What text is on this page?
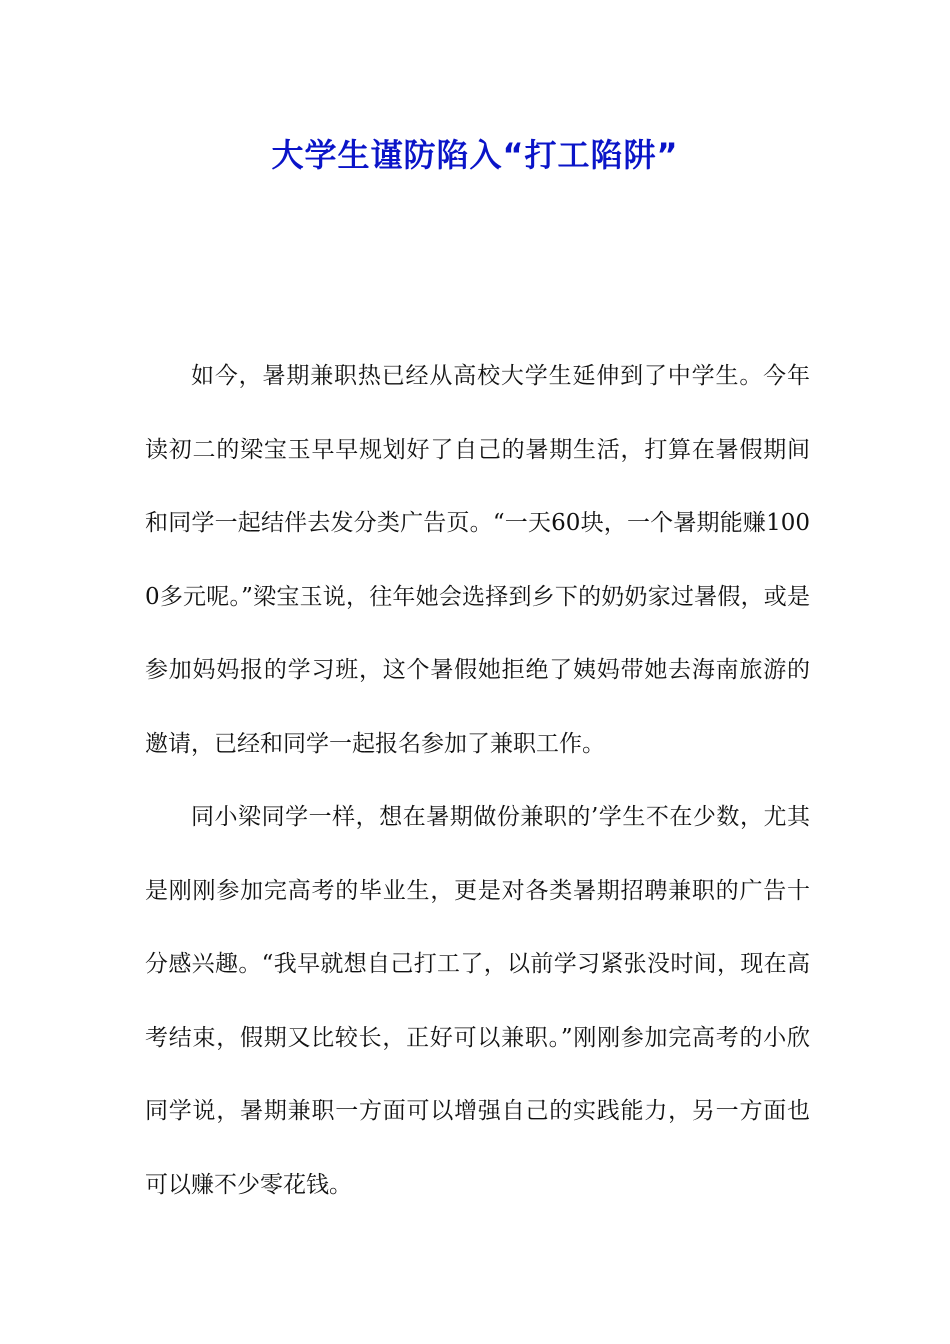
大学生谨防陷入“打工陷阱”

如今，暑期兼职热已经从高校大学生延伸到了中学生。今年读初二的梁宝玉早早规划好了自己的暑期生活，打算在暑假期间和同学一起结伴去发分类广告页。“一天60块，一个暑期能赚1000多元呢。”梁宝玉说，往年她会选择到乡下的奶奶家过暑假，或是参加妈妈报的学习班，这个暑假她拒绝了姨妈带她去海南旅游的邀请，已经和同学一起报名参加了兼职工作。

同小梁同学一样，想在暑期做份兼职的’学生不在少数，尤其是刚刚参加完高考的毕业生，更是对各类暑期招聘兼职的广告十分感兴趣。“我早就想自己打工了，以前学习紧张没时间，现在高考结束，假期又比较长，正好可以兼职。”刚刚参加完高考的小欣同学说，暑期兼职一方面可以增强自己的实践能力，另一方面也可以赚不少零花钱。
